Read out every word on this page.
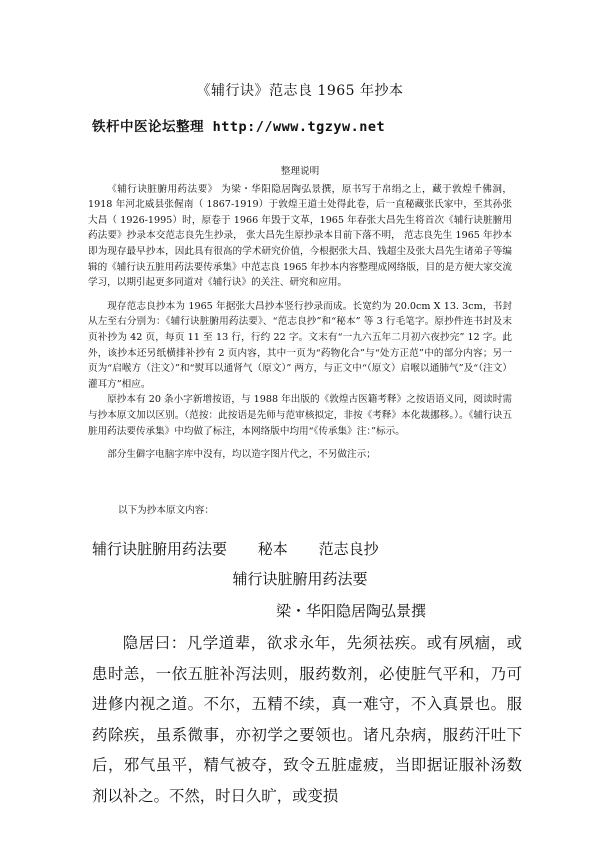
《辅行诀》范志良 1965 年抄本
铁杆中医论坛整理 http://www.tgzyw.net
整理说明

《辅行诀脏腑用药法要》 为梁・华阳隐居陶弘景撰，原书写于帛绢之上，藏于敦煌千佛洞，1918 年河北威县张偓南（ 1867-1919）于敦煌王道士处得此卷，后一直秘藏张氏家中，至其孙张大昌（ 1926-1995）时，原卷于 1966 年毁于文革，1965 年春张大昌先生将首次《辅行诀脏腑用药法要》抄录本交范志良先生抄录， 张大昌先生原抄录本目前下落不明， 范志良先生 1965 年抄本即为现存最早抄本，因此具有很高的学术研究价值，今根据张大昌、钱超尘及张大昌先生诸弟子等编辑的《辅行诀五脏用药法要传承集》中范志良 1965 年抄本内容整理成网络版，目的是方便大家交流学习，以期引起更多同道对《辅行诀》的关注、研究和应用。

现存范志良抄本为 1965 年据张大昌抄本竖行抄录而成。长宽约为 20.0cm X 13. 3cm，书封从左至右分别为：《辅行诀脏腑用药法要》、“范志良抄”和“秘本” 等 3 行毛笔字。原抄件连书封及末页补抄为 42 页，每页 11 至 13 行，行约 22 字。文末有“一九六五年二月初六夜抄完” 12 字。此外，该抄本还另纸横排补抄有 2 页内容，其中一页为“药物化合”与“处方正范”中的部分内容；另一页为“启喉方（注文）”和“熨耳以通肾气（原文）” 两方，与正文中“（原文）启喉以通肺气”及“（注文）灌耳方”相应。

原抄本有 20 条小字新增按语，与 1988 年出版的《敦煌古医籍考释》之按语语义同，阅读时需与抄本原文加以区别。（范按：此按语是先师与范审核拟定，非按《考释》本化裁挪移。）。《辅行诀五脏用药法要传承集》中均做了标注，本网络版中均用“《传承集》注：”标示。

部分生僻字电脑字库中没有，均以造字图片代之，不另做注示；

以下为抄本原文内容：
辅行诀脏腑用药法要 秘本 范志良抄
辅行诀脏腑用药法要
梁・华阳隐居陶弘景撰

隐居曰：凡学道辈，欲求永年，先须祛疾。或有夙痼，或患时恙，一依五脏补泻法则，服药数剂，必使脏气平和，乃可进修内视之道。不尔，五精不续，真一难守，不入真景也。服药除疾，虽系微事，亦初学之要领也。诸凡杂病，服药汗吐下后，邪气虽平，精气被夺，致令五脏虚疲，当即据证服补汤数剂以补之。不然，时日久旷，或变损
